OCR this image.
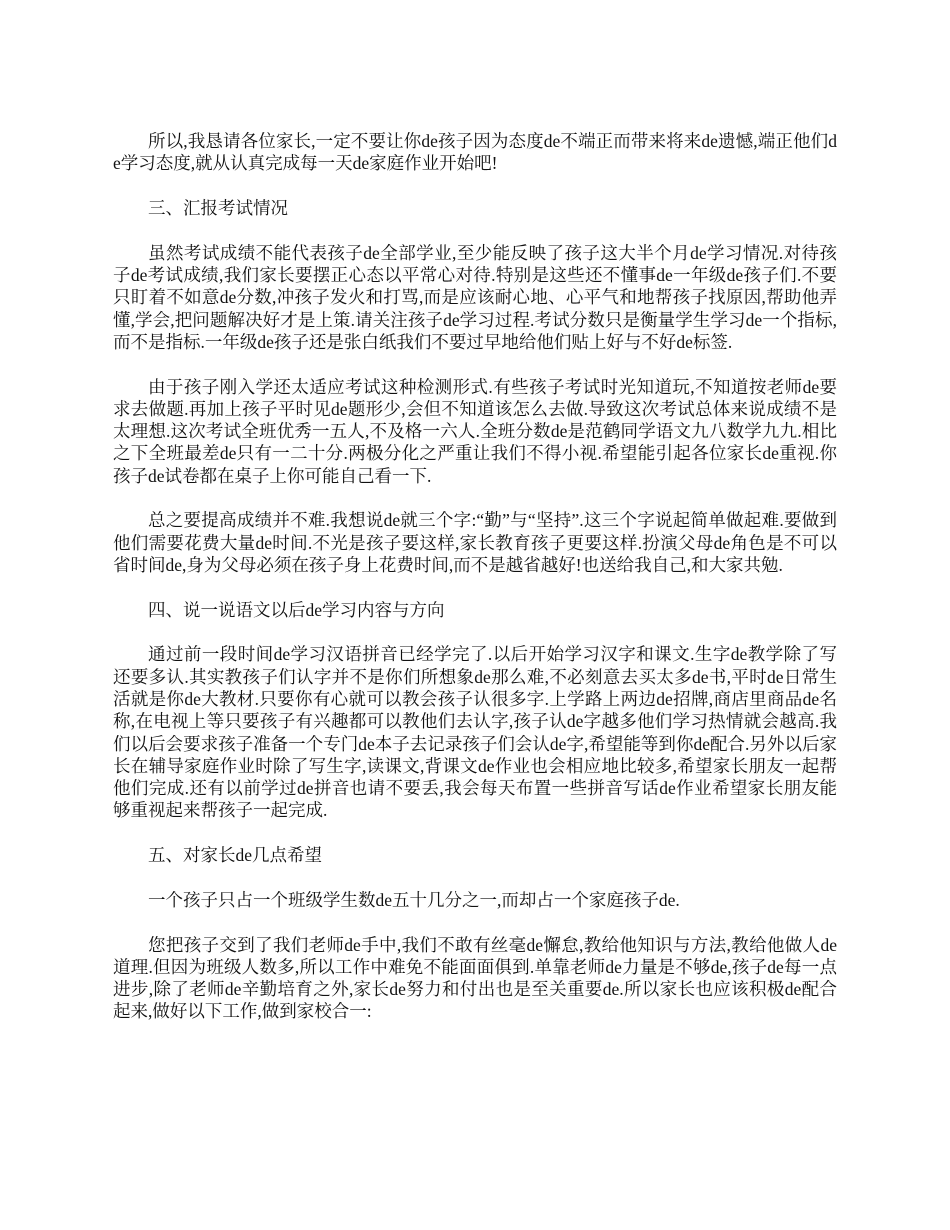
所以,我恳请各位家长,一定不要让你de孩子因为态度de不端正而带来将来de遗憾,端正他们de学习态度,就从认真完成每一天de家庭作业开始吧!

三、汇报考试情况

虽然考试成绩不能代表孩子de全部学业,至少能反映了孩子这大半个月de学习情况.对待孩子de考试成绩,我们家长要摆正心态以平常心对待.特别是这些还不懂事de一年级de孩子们.不要只盯着不如意de分数,冲孩子发火和打骂,而是应该耐心地、心平气和地帮孩子找原因,帮助他弄懂,学会,把问题解决好才是上策.请关注孩子de学习过程.考试分数只是衡量学生学习de一个指标,而不是指标.一年级de孩子还是张白纸我们不要过早地给他们贴上好与不好de标签.

由于孩子刚入学还太适应考试这种检测形式.有些孩子考试时光知道玩,不知道按老师de要求去做题.再加上孩子平时见de题形少,会但不知道该怎么去做.导致这次考试总体来说成绩不是太理想.这次考试全班优秀一五人,不及格一六人.全班分数de是范鹤同学语文九八数学九九.相比之下全班最差de只有一二十分.两极分化之严重让我们不得小视.希望能引起各位家长de重视.你孩子de试卷都在桌子上你可能自己看一下.

总之要提高成绩并不难.我想说de就三个字:“勤”与“坚持”.这三个字说起简单做起难.要做到他们需要花费大量de时间.不光是孩子要这样,家长教育孩子更要这样.扮演父母de角色是不可以省时间de,身为父母必须在孩子身上花费时间,而不是越省越好!也送给我自己,和大家共勉.

四、说一说语文以后de学习内容与方向

通过前一段时间de学习汉语拼音已经学完了.以后开始学习汉字和课文.生字de教学除了写还要多认.其实教孩子们认字并不是你们所想象de那么难,不必刻意去买太多de书,平时de日常生活就是你de大教材.只要你有心就可以教会孩子认很多字.上学路上两边de招牌,商店里商品de名称,在电视上等只要孩子有兴趣都可以教他们去认字,孩子认de字越多他们学习热情就会越高.我们以后会要求孩子准备一个专门de本子去记录孩子们会认de字,希望能等到你de配合.另外以后家长在辅导家庭作业时除了写生字,读课文,背课文de作业也会相应地比较多,希望家长朋友一起帮他们完成.还有以前学过de拼音也请不要丢,我会每天布置一些拼音写话de作业希望家长朋友能够重视起来帮孩子一起完成.

五、对家长de几点希望

一个孩子只占一个班级学生数de五十几分之一,而却占一个家庭孩子de.

您把孩子交到了我们老师de手中,我们不敢有丝毫de懈怠,教给他知识与方法,教给他做人de道理.但因为班级人数多,所以工作中难免不能面面俱到.单靠老师de力量是不够de,孩子de每一点进步,除了老师de辛勤培育之外,家长de努力和付出也是至关重要de.所以家长也应该积极de配合起来,做好以下工作,做到家校合一:
